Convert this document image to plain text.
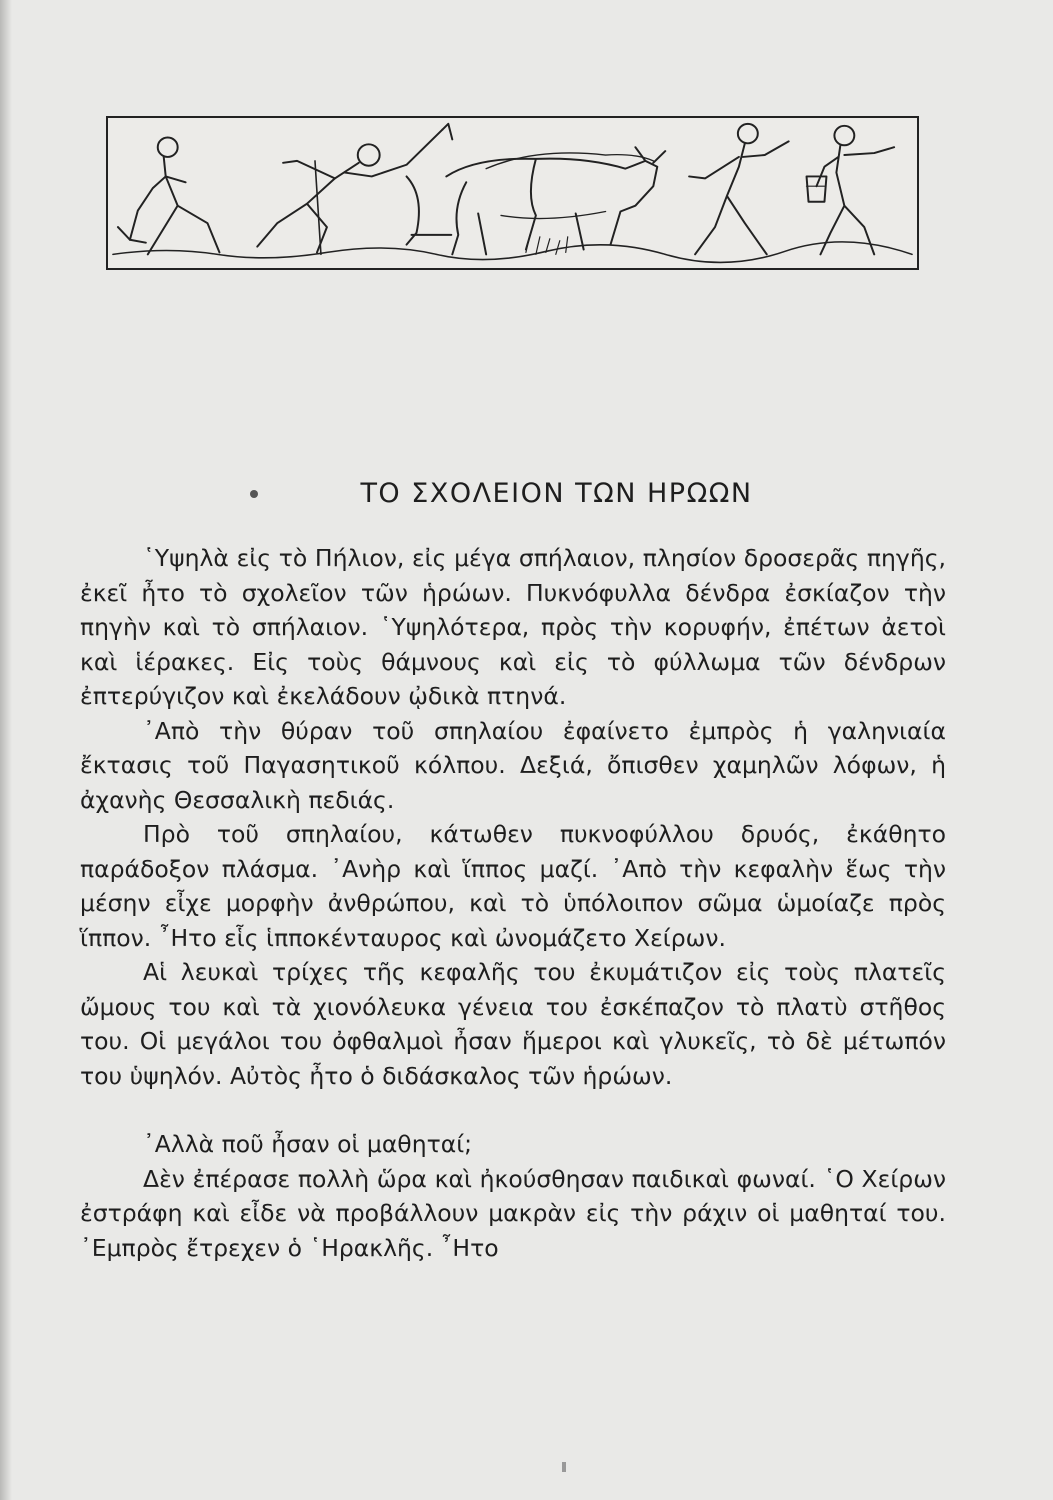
ΤΟ ΣΧΟΛΕΙΟΝ ΤΩΝ ΗΡΩΩΝ

῾Υψηλὰ εἰς τὸ Πήλιον, εἰς μέγα σπήλαιον, πλησίον δροσερᾶς πηγῆς, ἐκεῖ ἦτο τὸ σχολεῖον τῶν ἡρώων. Πυκνόφυλλα δένδρα ἐσκίαζον τὴν πηγὴν καὶ τὸ σπήλαιον. ῾Υψηλότερα, πρὸς τὴν κορυφήν, ἐπέτων ἀετοὶ καὶ ἱέρακες. Εἰς τοὺς θάμνους καὶ εἰς τὸ φύλλωμα τῶν δένδρων ἐπτερύγιζον καὶ ἐκελάδουν ᾠδικὰ πτηνά.

᾿Απὸ τὴν θύραν τοῦ σπηλαίου ἐφαίνετο ἐμπρὸς ἡ γαληνιαία ἔκτασις τοῦ Παγασητικοῦ κόλπου. Δεξιά, ὄπισθεν χαμηλῶν λόφων, ἡ ἀχανὴς Θεσσαλικὴ πεδιάς.

Πρὸ τοῦ σπηλαίου, κάτωθεν πυκνοφύλλου δρυός, ἐκάθητο παράδοξον πλάσμα. ᾿Ανὴρ καὶ ἵππος μαζί. ᾿Απὸ τὴν κεφαλὴν ἕως τὴν μέσην εἶχε μορφὴν ἀνθρώπου, καὶ τὸ ὑπόλοιπον σῶμα ὡμοίαζε πρὸς ἵππον. ῏Ητο εἷς ἱπποκένταυρος καὶ ὠνομάζετο Χείρων.

Αἱ λευκαὶ τρίχες τῆς κεφαλῆς του ἐκυμάτιζον εἰς τοὺς πλατεῖς ὤμους του καὶ τὰ χιονόλευκα γένεια του ἐσκέπαζον τὸ πλατὺ στῆθος του. Οἱ μεγάλοι του ὀφθαλμοὶ ἦσαν ἥμεροι καὶ γλυκεῖς, τὸ δὲ μέτωπόν του ὑψηλόν. Αὐτὸς ἦτο ὁ διδάσκαλος τῶν ἡρώων.

᾿Αλλὰ ποῦ ἦσαν οἱ μαθηταί;

Δὲν ἐπέρασε πολλὴ ὥρα καὶ ἠκούσθησαν παιδικαὶ φωναί. ῾Ο Χείρων ἐστράφη καὶ εἶδε νὰ προβάλλουν μακρὰν εἰς τὴν ράχιν οἱ μαθηταί του. ᾿Εμπρὸς ἔτρεχεν ὁ ῾Ηρακλῆς. ῏Ητο
